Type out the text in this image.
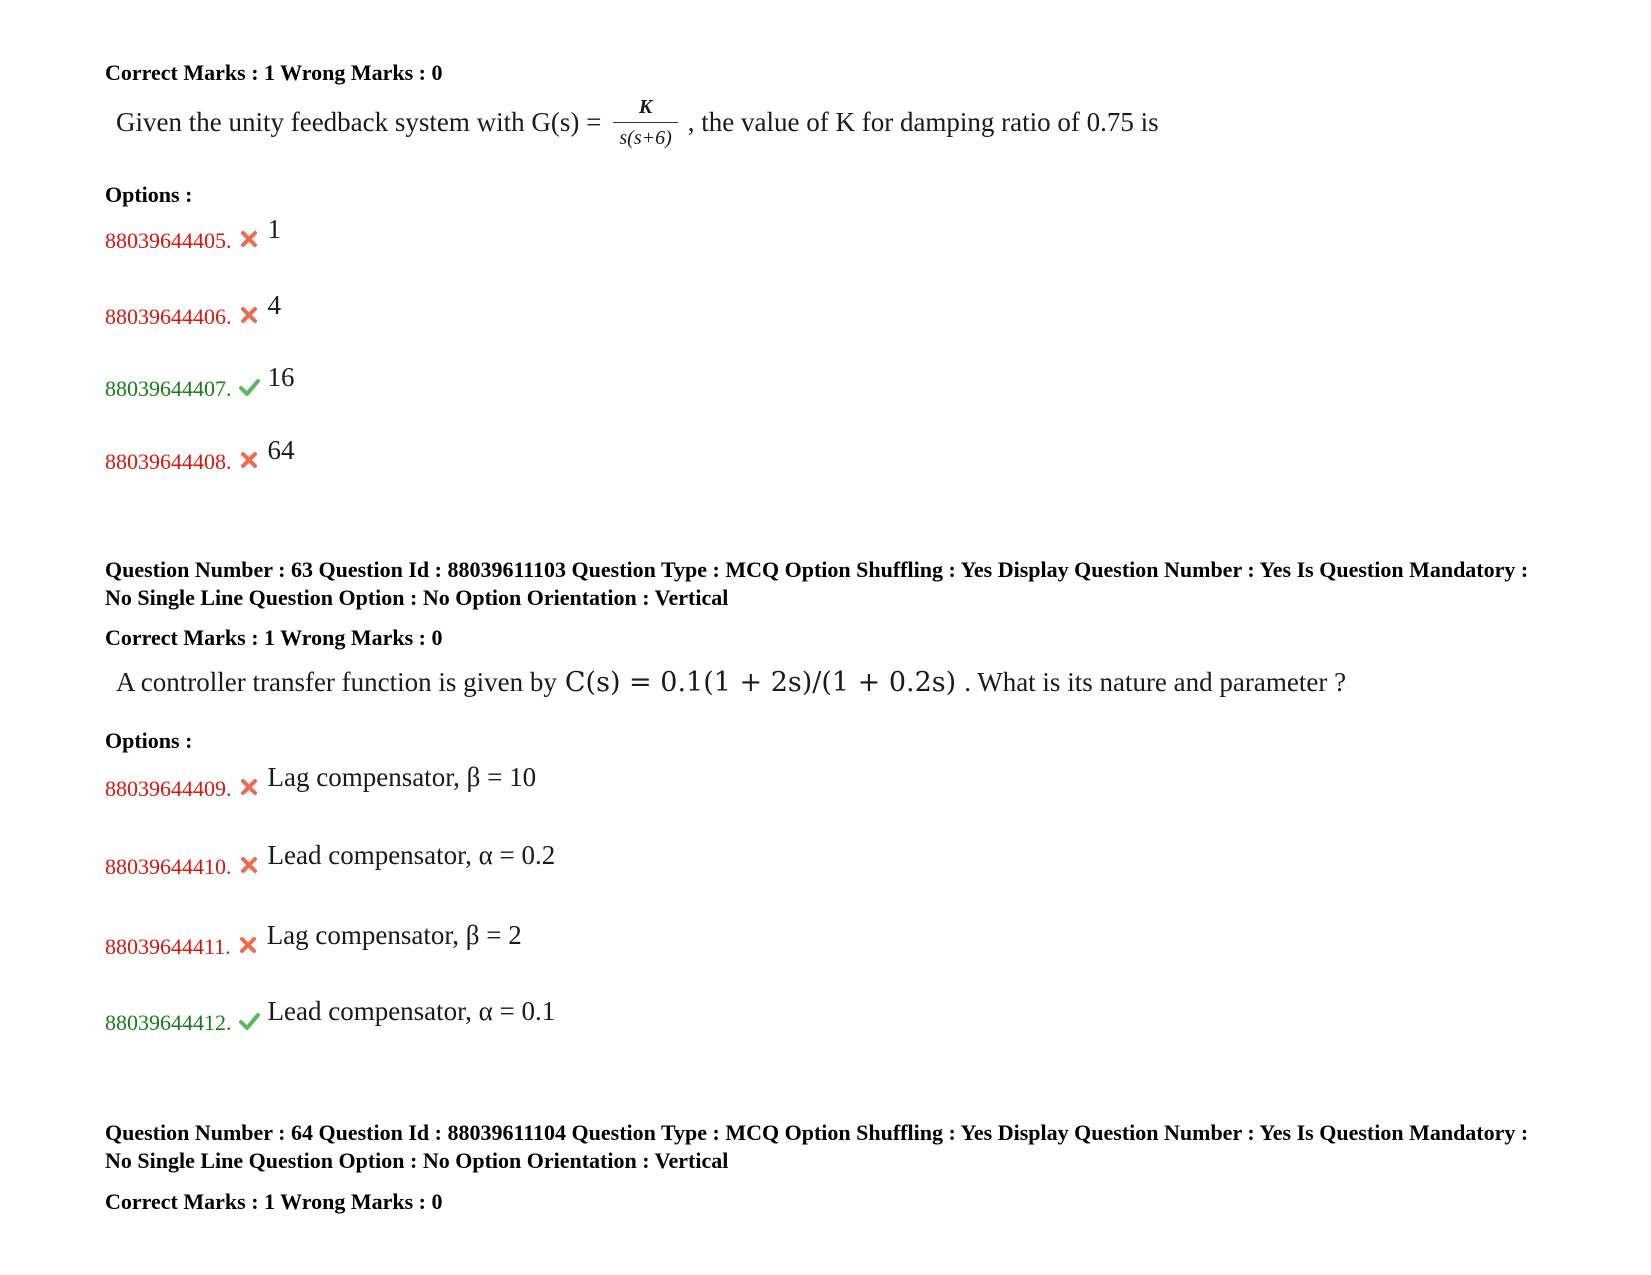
Correct Marks : 1 Wrong Marks : 0
Given the unity feedback system with $G(s) = \frac{K}{s(s+6)}$ , the value of K for damping ratio of 0.75 is
Options :
88039644405. 1
88039644406. 4
88039644407. 16
88039644408. 64
Question Number : 63 Question Id : 88039611103 Question Type : MCQ Option Shuffling : Yes Display Question Number : Yes Is Question Mandatory : No Single Line Question Option : No Option Orientation : Vertical
Correct Marks : 1 Wrong Marks : 0
A controller transfer function is given by C(s) = 0.1(1 + 2s)/(1 + 0.2s) . What is its nature and parameter ?
Options :
88039644409. Lag compensator, β = 10
88039644410. Lead compensator, α = 0.2
88039644411. Lag compensator, β = 2
88039644412. Lead compensator, α = 0.1
Question Number : 64 Question Id : 88039611104 Question Type : MCQ Option Shuffling : Yes Display Question Number : Yes Is Question Mandatory : No Single Line Question Option : No Option Orientation : Vertical
Correct Marks : 1 Wrong Marks : 0
